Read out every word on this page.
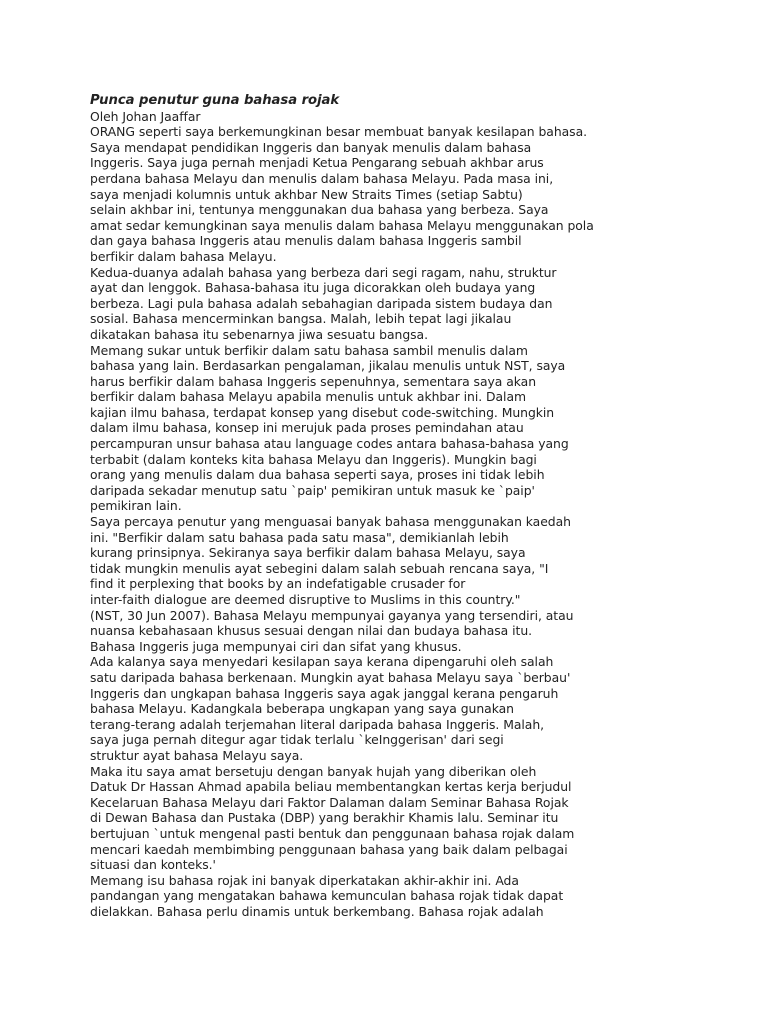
Punca penutur guna bahasa rojak
Oleh Johan Jaaffar
ORANG seperti saya berkemungkinan besar membuat banyak kesilapan bahasa.
Saya mendapat pendidikan Inggeris dan banyak menulis dalam bahasa
Inggeris. Saya juga pernah menjadi Ketua Pengarang sebuah akhbar arus
perdana bahasa Melayu dan menulis dalam bahasa Melayu. Pada masa ini,
saya menjadi kolumnis untuk akhbar New Straits Times (setiap Sabtu)
selain akhbar ini, tentunya menggunakan dua bahasa yang berbeza. Saya
amat sedar kemungkinan saya menulis dalam bahasa Melayu menggunakan pola
dan gaya bahasa Inggeris atau menulis dalam bahasa Inggeris sambil
berfikir dalam bahasa Melayu.
Kedua-duanya adalah bahasa yang berbeza dari segi ragam, nahu, struktur
ayat dan lenggok. Bahasa-bahasa itu juga dicorakkan oleh budaya yang
berbeza. Lagi pula bahasa adalah sebahagian daripada sistem budaya dan
sosial. Bahasa mencerminkan bangsa. Malah, lebih tepat lagi jikalau
dikatakan bahasa itu sebenarnya jiwa sesuatu bangsa.
Memang sukar untuk berfikir dalam satu bahasa sambil menulis dalam
bahasa yang lain. Berdasarkan pengalaman, jikalau menulis untuk NST, saya
harus berfikir dalam bahasa Inggeris sepenuhnya, sementara saya akan
berfikir dalam bahasa Melayu apabila menulis untuk akhbar ini. Dalam
kajian ilmu bahasa, terdapat konsep yang disebut code-switching. Mungkin
dalam ilmu bahasa, konsep ini merujuk pada proses pemindahan atau
percampuran unsur bahasa atau language codes antara bahasa-bahasa yang
terbabit (dalam konteks kita bahasa Melayu dan Inggeris). Mungkin bagi
orang yang menulis dalam dua bahasa seperti saya, proses ini tidak lebih
daripada sekadar menutup satu `paip' pemikiran untuk masuk ke `paip'
pemikiran lain.
Saya percaya penutur yang menguasai banyak bahasa menggunakan kaedah
ini. "Berfikir dalam satu bahasa pada satu masa", demikianlah lebih
kurang prinsipnya. Sekiranya saya berfikir dalam bahasa Melayu, saya
tidak mungkin menulis ayat sebegini dalam salah sebuah rencana saya, "I
find it perplexing that books by an indefatigable crusader for
inter-faith dialogue are deemed disruptive to Muslims in this country."
(NST, 30 Jun 2007). Bahasa Melayu mempunyai gayanya yang tersendiri, atau
nuansa kebahasaan khusus sesuai dengan nilai dan budaya bahasa itu.
Bahasa Inggeris juga mempunyai ciri dan sifat yang khusus.
Ada kalanya saya menyedari kesilapan saya kerana dipengaruhi oleh salah
satu daripada bahasa berkenaan. Mungkin ayat bahasa Melayu saya `berbau'
Inggeris dan ungkapan bahasa Inggeris saya agak janggal kerana pengaruh
bahasa Melayu. Kadangkala beberapa ungkapan yang saya gunakan
terang-terang adalah terjemahan literal daripada bahasa Inggeris. Malah,
saya juga pernah ditegur agar tidak terlalu `keInggerisan' dari segi
struktur ayat bahasa Melayu saya.
Maka itu saya amat bersetuju dengan banyak hujah yang diberikan oleh
Datuk Dr Hassan Ahmad apabila beliau membentangkan kertas kerja berjudul
Kecelaruan Bahasa Melayu dari Faktor Dalaman dalam Seminar Bahasa Rojak
di Dewan Bahasa dan Pustaka (DBP) yang berakhir Khamis lalu. Seminar itu
bertujuan `untuk mengenal pasti bentuk dan penggunaan bahasa rojak dalam
mencari kaedah membimbing penggunaan bahasa yang baik dalam pelbagai
situasi dan konteks.'
Memang isu bahasa rojak ini banyak diperkatakan akhir-akhir ini. Ada
pandangan yang mengatakan bahawa kemunculan bahasa rojak tidak dapat
dielakkan. Bahasa perlu dinamis untuk berkembang. Bahasa rojak adalah
